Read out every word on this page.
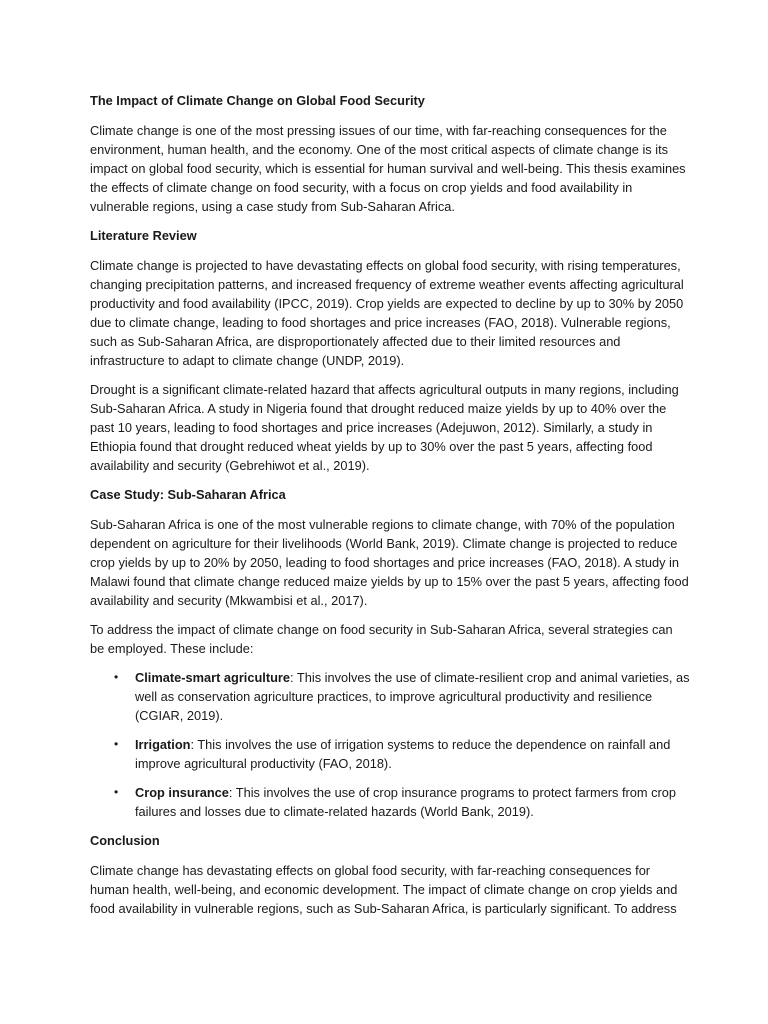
The Impact of Climate Change on Global Food Security

Climate change is one of the most pressing issues of our time, with far-reaching consequences for the environment, human health, and the economy. One of the most critical aspects of climate change is its impact on global food security, which is essential for human survival and well-being. This thesis examines the effects of climate change on food security, with a focus on crop yields and food availability in vulnerable regions, using a case study from Sub-Saharan Africa.

Literature Review

Climate change is projected to have devastating effects on global food security, with rising temperatures, changing precipitation patterns, and increased frequency of extreme weather events affecting agricultural productivity and food availability (IPCC, 2019). Crop yields are expected to decline by up to 30% by 2050 due to climate change, leading to food shortages and price increases (FAO, 2018). Vulnerable regions, such as Sub-Saharan Africa, are disproportionately affected due to their limited resources and infrastructure to adapt to climate change (UNDP, 2019).

Drought is a significant climate-related hazard that affects agricultural outputs in many regions, including Sub-Saharan Africa. A study in Nigeria found that drought reduced maize yields by up to 40% over the past 10 years, leading to food shortages and price increases (Adejuwon, 2012). Similarly, a study in Ethiopia found that drought reduced wheat yields by up to 30% over the past 5 years, affecting food availability and security (Gebrehiwot et al., 2019).

Case Study: Sub-Saharan Africa

Sub-Saharan Africa is one of the most vulnerable regions to climate change, with 70% of the population dependent on agriculture for their livelihoods (World Bank, 2019). Climate change is projected to reduce crop yields by up to 20% by 2050, leading to food shortages and price increases (FAO, 2018). A study in Malawi found that climate change reduced maize yields by up to 15% over the past 5 years, affecting food availability and security (Mkwambisi et al., 2017).

To address the impact of climate change on food security in Sub-Saharan Africa, several strategies can be employed. These include:

• Climate-smart agriculture: This involves the use of climate-resilient crop and animal varieties, as well as conservation agriculture practices, to improve agricultural productivity and resilience (CGIAR, 2019).
• Irrigation: This involves the use of irrigation systems to reduce the dependence on rainfall and improve agricultural productivity (FAO, 2018).
• Crop insurance: This involves the use of crop insurance programs to protect farmers from crop failures and losses due to climate-related hazards (World Bank, 2019).
Conclusion

Climate change has devastating effects on global food security, with far-reaching consequences for human health, well-being, and economic development. The impact of climate change on crop yields and food availability in vulnerable regions, such as Sub-Saharan Africa, is particularly significant. To address
